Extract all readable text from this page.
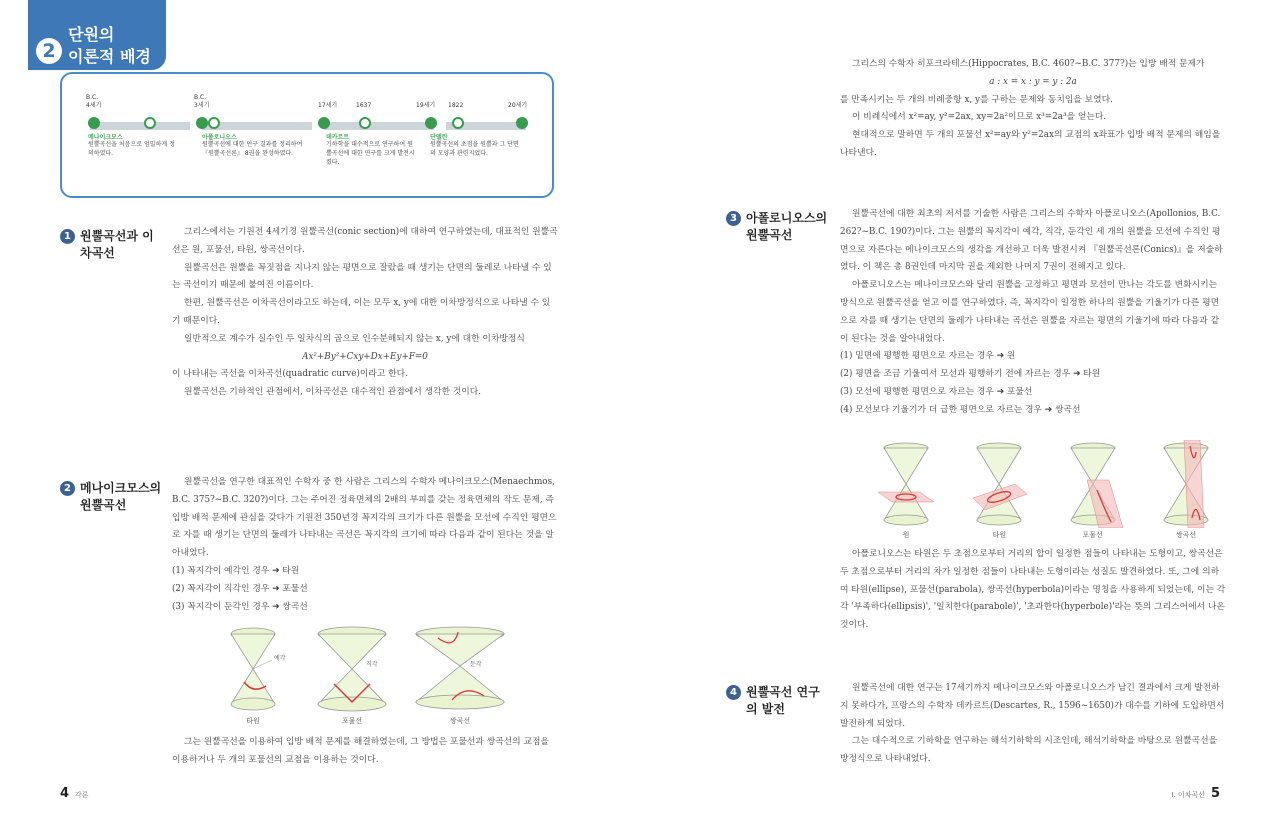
2
단원의
이론적 배경
B.C.
4세기
B.C.
3세기	17세기	1637	19세기 1822	20세기
메나이크모스
원뿔곡선을 처음으로 엄밀하게 정의하였다.
아폴로니오스
원뿔곡선에 대한 연구 결과를 정리하여 『원뿔곡선론』 8권을 완성하였다.
데카르트
기하학을 대수적으로 연구하여 원뿔곡선에 대한 연구를 크게 발전시켰다.
단델린
원뿔곡선의 초점을 원뿔과 그 단면의 모양과 관련지었다.
1 원뿔곡선과 이차곡선

그리스에서는 기원전 4세기경 원뿔곡선(conic section)에 대하여 연구하였는데, 대표적인 원뿔곡선은 원, 포물선, 타원, 쌍곡선이다.

원뿔곡선은 원뿔을 꼭짓점을 지나지 않는 평면으로 잘랐을 때 생기는 단면의 둘레로 나타낼 수 있는 곡선이기 때문에 붙여진 이름이다.

한편, 원뿔곡선은 이차곡선이라고도 하는데, 이는 모두 x, y에 대한 이차방정식으로 나타낼 수 있기 때문이다.

일반적으로 계수가 실수인 두 일차식의 곱으로 인수분해되지 않는 x, y에 대한 이차방정식

Ax²+By²+Cxy+Dx+Ey+F=0

이 나타내는 곡선을 이차곡선(quadratic curve)이라고 한다.

원뿔곡선은 기하적인 관점에서, 이차곡선은 대수적인 관점에서 생각한 것이다.

2 메나이크모스의 원뿔곡선

원뿔곡선을 연구한 대표적인 수학자 중 한 사람은 그리스의 수학자 메나이크모스(Menaechmos, B.C. 375?~B.C. 320?)이다. 그는 주어진 정육면체의 2배의 부피를 갖는 정육면체의 작도 문제, 즉 입방 배적 문제에 관심을 갖다가 기원전 350년경 꼭지각의 크기가 다른 원뿔을 모선에 수직인 평면으로 자를 때 생기는 단면의 둘레가 나타내는 곡선은 꼭지각의 크기에 따라 다음과 같이 된다는 것을 알아내었다.

(1) 꼭지각이 예각인 경우 ➜ 타원

(2) 꼭지각이 직각인 경우 ➜ 포물선

(3) 꼭지각이 둔각인 경우 ➜ 쌍곡선

예각
타원
직각
포물선
둔각
쌍곡선

그는 원뿔곡선을 이용하여 입방 배적 문제를 해결하였는데, 그 방법은 포물선과 쌍곡선의 교점을 이용하거나 두 개의 포물선의 교점을 이용하는 것이다.

4 각론

그리스의 수학자 히포크라테스(Hippocrates, B.C. 460?~B.C. 377?)는 입방 배적 문제가

a : x = x : y = y : 2a

를 만족시키는 두 개의 비례중항 x, y를 구하는 문제와 동치임을 보였다.

이 비례식에서 x²=ay, y²=2ax, xy=2a²이므로 x³=2a³을 얻는다.

현대적으로 말하면 두 개의 포물선 x²=ay와 y²=2ax의 교점의 x좌표가 입방 배적 문제의 해임을 나타낸다.

3 아폴로니오스의 원뿔곡선

원뿔곡선에 대한 최초의 저서를 기술한 사람은 그리스의 수학자 아폴로니오스(Apollonios, B.C. 262?~B.C. 190?)이다. 그는 원뿔의 꼭지각이 예각, 직각, 둔각인 세 개의 원뿔을 모선에 수직인 평면으로 자른다는 메나이크모스의 생각을 개선하고 더욱 발전시켜 『원뿔곡선론(Conics)』을 저술하였다. 이 책은 총 8권인데 마지막 권을 제외한 나머지 7권이 전해지고 있다.

아폴로니오스는 메나이크모스와 달리 원뿔을 고정하고 평면과 모선이 만나는 각도를 변화시키는 방식으로 원뿔곡선을 얻고 이를 연구하였다. 즉, 꼭지각이 일정한 하나의 원뿔을 기울기가 다른 평면으로 자를 때 생기는 단면의 둘레가 나타내는 곡선은 원뿔을 자르는 평면의 기울기에 따라 다음과 같이 된다는 것을 알아내었다.

(1) 밑면에 평행한 평면으로 자르는 경우 ➜ 원

(2) 평면을 조금 기울여서 모선과 평행하기 전에 자르는 경우 ➜ 타원

(3) 모선에 평행한 평면으로 자르는 경우 ➜ 포물선

(4) 모선보다 기울기가 더 급한 평면으로 자르는 경우 ➜ 쌍곡선

원	타원	포물선	쌍곡선

아폴로니오스는 타원은 두 초점으로부터 거리의 합이 일정한 점들이 나타내는 도형이고, 쌍곡선은 두 초점으로부터 거리의 차가 일정한 점들이 나타내는 도형이라는 성질도 발견하였다. 또, 그에 의하여 타원(ellipse), 포물선(parabola), 쌍곡선(hyperbola)이라는 명칭을 사용하게 되었는데, 이는 각각 '부족하다(ellipsis)', '일치한다(parabole)', '초과한다(hyperbole)'라는 뜻의 그리스어에서 나온 것이다.

4 원뿔곡선 연구의 발전

원뿔곡선에 대한 연구는 17세기까지 메나이크모스와 아폴로니오스가 남긴 결과에서 크게 발전하지 못하다가, 프랑스의 수학자 데카르트(Descartes, R., 1596~1650)가 대수를 기하에 도입하면서 발전하게 되었다.

그는 대수적으로 기하학을 연구하는 해석기하학의 시조인데, 해석기하학을 바탕으로 원뿔곡선을 방정식으로 나타내었다.

Ⅰ. 이차곡선 5
